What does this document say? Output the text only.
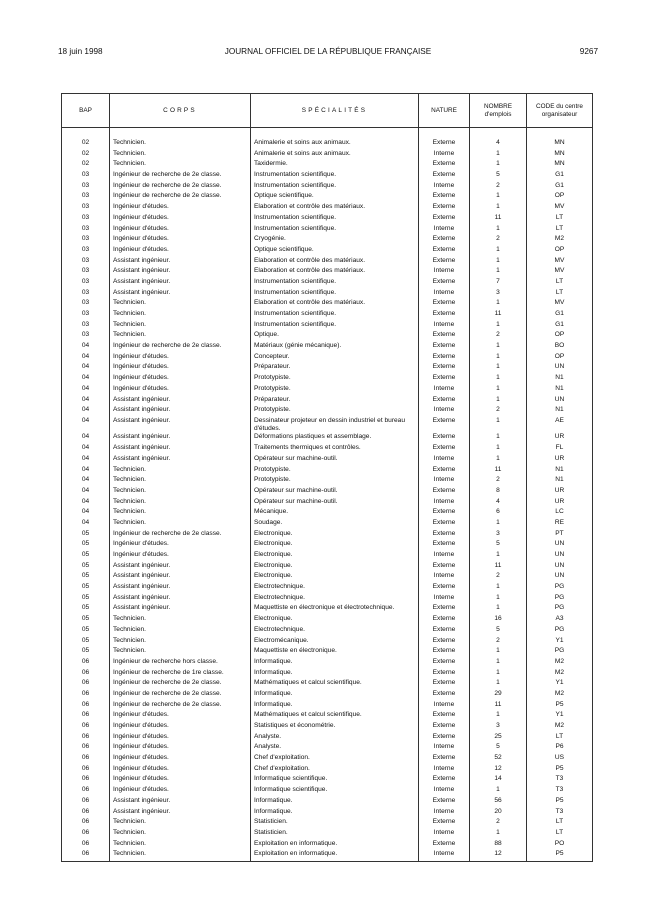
18 juin 1998	JOURNAL OFFICIEL DE LA RÉPUBLIQUE FRANÇAISE	9267
BAP	CORPS	SPÉCIALITÉS	NATURE	NOMBRE d'emplois	CODE du centre organisateur

02	Technicien.	Animalerie et soins aux animaux.	Externe	4	MN
02	Technicien.	Animalerie et soins aux animaux.	Interne	1	MN
02	Technicien.	Taxidermie.	Externe	1	MN
03	Ingénieur de recherche de 2e classe.	Instrumentation scientifique.	Externe	5	G1
03	Ingénieur de recherche de 2e classe.	Instrumentation scientifique.	Interne	2	G1
03	Ingénieur de recherche de 2e classe.	Optique scientifique.	Externe	1	OP
03	Ingénieur d'études.	Elaboration et contrôle des matériaux.	Externe	1	MV
03	Ingénieur d'études.	Instrumentation scientifique.	Externe	11	LT
03	Ingénieur d'études.	Instrumentation scientifique.	Interne	1	LT
03	Ingénieur d'études.	Cryogénie.	Externe	2	M2
03	Ingénieur d'études.	Optique scientifique.	Externe	1	OP
03	Assistant ingénieur.	Elaboration et contrôle des matériaux.	Externe	1	MV
03	Assistant ingénieur.	Elaboration et contrôle des matériaux.	Interne	1	MV
03	Assistant ingénieur.	Instrumentation scientifique.	Externe	7	LT
03	Assistant ingénieur.	Instrumentation scientifique.	Interne	3	LT
03	Technicien.	Elaboration et contrôle des matériaux.	Externe	1	MV
03	Technicien.	Instrumentation scientifique.	Externe	11	G1
03	Technicien.	Instrumentation scientifique.	Interne	1	G1
03	Technicien.	Optique.	Externe	2	OP
04	Ingénieur de recherche de 2e classe.	Matériaux (génie mécanique).	Externe	1	BO
04	Ingénieur d'études.	Concepteur.	Externe	1	OP
04	Ingénieur d'études.	Préparateur.	Externe	1	UN
04	Ingénieur d'études.	Prototypiste.	Externe	1	N1
04	Ingénieur d'études.	Prototypiste.	Interne	1	N1
04	Assistant ingénieur.	Préparateur.	Externe	1	UN
04	Assistant ingénieur.	Prototypiste.	Interne	2	N1
04	Assistant ingénieur.	Dessinateur projeteur en dessin industriel et bureau d'études.	Externe	1	AE
04	Assistant ingénieur.	Déformations plastiques et assemblage.	Externe	1	UR
04	Assistant ingénieur.	Traitements thermiques et contrôles.	Externe	1	FL
04	Assistant ingénieur.	Opérateur sur machine-outil.	Interne	1	UR
04	Technicien.	Prototypiste.	Externe	11	N1
04	Technicien.	Prototypiste.	Interne	2	N1
04	Technicien.	Opérateur sur machine-outil.	Externe	8	UR
04	Technicien.	Opérateur sur machine-outil.	Interne	4	UR
04	Technicien.	Mécanique.	Externe	6	LC
04	Technicien.	Soudage.	Externe	1	RE
05	Ingénieur de recherche de 2e classe.	Electronique.	Externe	3	PT
05	Ingénieur d'études.	Electronique.	Externe	5	UN
05	Ingénieur d'études.	Electronique.	Interne	1	UN
05	Assistant ingénieur.	Electronique.	Externe	11	UN
05	Assistant ingénieur.	Electronique.	Interne	2	UN
05	Assistant ingénieur.	Electrotechnique.	Externe	1	PG
05	Assistant ingénieur.	Electrotechnique.	Interne	1	PG
05	Assistant ingénieur.	Maquettiste en électronique et électrotechnique.	Externe	1	PG
05	Technicien.	Electronique.	Externe	16	A3
05	Technicien.	Electrotechnique.	Externe	5	PG
05	Technicien.	Electromécanique.	Externe	2	Y1
05	Technicien.	Maquettiste en électronique.	Externe	1	PG
06	Ingénieur de recherche hors classe.	Informatique.	Externe	1	M2
06	Ingénieur de recherche de 1re classe.	Informatique.	Externe	1	M2
06	Ingénieur de recherche de 2e classe.	Mathématiques et calcul scientifique.	Externe	1	Y1
06	Ingénieur de recherche de 2e classe.	Informatique.	Externe	29	M2
06	Ingénieur de recherche de 2e classe.	Informatique.	Interne	11	P5
06	Ingénieur d'études.	Mathématiques et calcul scientifique.	Externe	1	Y1
06	Ingénieur d'études.	Statistiques et économétrie.	Externe	3	M2
06	Ingénieur d'études.	Analyste.	Externe	25	LT
06	Ingénieur d'études.	Analyste.	Interne	5	P6
06	Ingénieur d'études.	Chef d'exploitation.	Externe	52	US
06	Ingénieur d'études.	Chef d'exploitation.	Interne	12	P5
06	Ingénieur d'études.	Informatique scientifique.	Externe	14	T3
06	Ingénieur d'études.	Informatique scientifique.	Interne	1	T3
06	Assistant ingénieur.	Informatique.	Externe	56	P5
06	Assistant ingénieur.	Informatique.	Interne	20	T3
06	Technicien.	Statisticien.	Externe	2	LT
06	Technicien.	Statisticien.	Interne	1	LT
06	Technicien.	Exploitation en informatique.	Externe	88	PO
06	Technicien.	Exploitation en informatique.	Interne	12	P5
